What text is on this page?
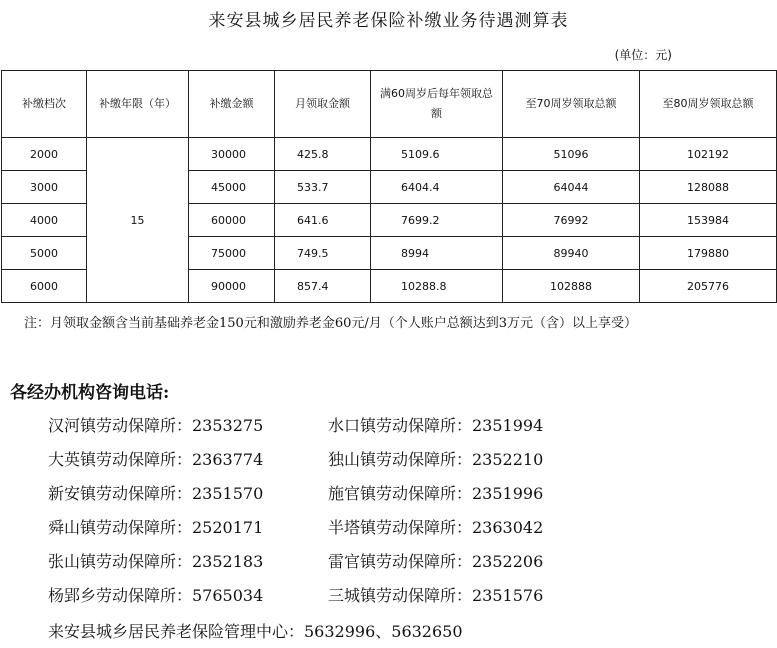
来安县城乡居民养老保险补缴业务待遇测算表
(单位：元)
补缴档次	补缴年限（年）	补缴金额	月领取金额	满60周岁后每年领取总额	至70周岁领取总额	至80周岁领取总额
2000	15	30000	425.8	5109.6	51096	102192
3000		45000	533.7	6404.4	64044	128088
4000		60000	641.6	7699.2	76992	153984
5000		75000	749.5	8994	89940	179880
6000		90000	857.4	10288.8	102888	205776
注：月领取金额含当前基础养老金150元和激励养老金60元/月（个人账户总额达到3万元（含）以上享受）
各经办机构咨询电话:
汉河镇劳动保障所：2353275
大英镇劳动保障所：2363774
新安镇劳动保障所：2351570
舜山镇劳动保障所：2520171
张山镇劳动保障所：2352183
杨郢乡劳动保障所：5765034
水口镇劳动保障所：2351994
独山镇劳动保障所：2352210
施官镇劳动保障所：2351996
半塔镇劳动保障所：2363042
雷官镇劳动保障所：2352206
三城镇劳动保障所：2351576
来安县城乡居民养老保险管理中心：5632996、5632650
